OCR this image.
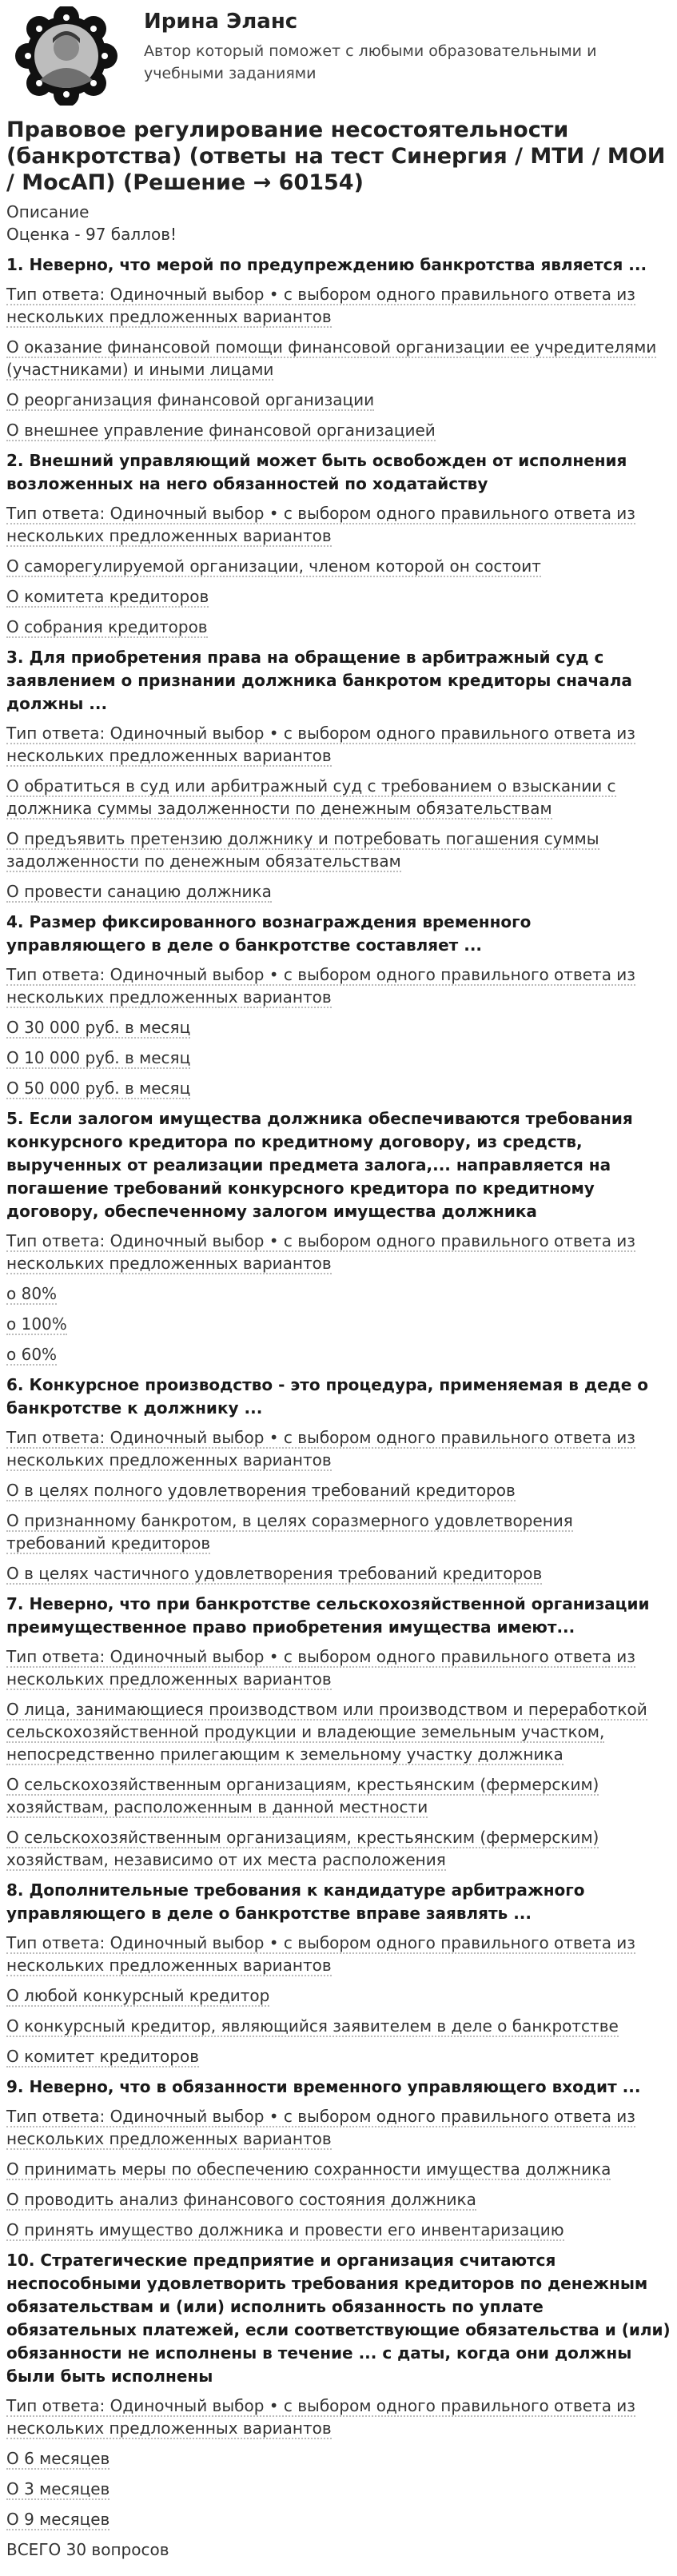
Ирина Эланс
Автор который поможет с любыми образовательными и учебными заданиями
Правовое регулирование несостоятельности (банкротства) (ответы на тест Синергия / МТИ / МОИ / МосАП) (Решение → 60154)
Описание
Оценка - 97 баллов!
1. Неверно, что мерой по предупреждению банкротства является ...
Тип ответа: Одиночный выбор • с выбором одного правильного ответа из нескольких предложенных вариантов
О оказание финансовой помощи финансовой организации ее учредителями (участниками) и иными лицами
О реорганизация финансовой организации
О внешнее управление финансовой организацией
2. Внешний управляющий может быть освобожден от исполнения возложенных на него обязанностей по ходатайству
Тип ответа: Одиночный выбор • с выбором одного правильного ответа из нескольких предложенных вариантов
О саморегулируемой организации, членом которой он состоит
О комитета кредиторов
О собрания кредиторов
3. Для приобретения права на обращение в арбитражный суд с заявлением о признании должника банкротом кредиторы сначала должны ...
Тип ответа: Одиночный выбор • с выбором одного правильного ответа из нескольких предложенных вариантов
О обратиться в суд или арбитражный суд с требованием о взыскании с должника суммы задолженности по денежным обязательствам
О предъявить претензию должнику и потребовать погашения суммы задолженности по денежным обязательствам
О провести санацию должника
4. Размер фиксированного вознаграждения временного управляющего в деле о банкротстве составляет ...
Тип ответа: Одиночный выбор • с выбором одного правильного ответа из нескольких предложенных вариантов
О 30 000 руб. в месяц
О 10 000 руб. в месяц
О 50 000 руб. в месяц
5. Если залогом имущества должника обеспечиваются требования конкурсного кредитора по кредитному договору, из средств, вырученных от реализации предмета залога,... направляется на погашение требований конкурсного кредитора по кредитному договору, обеспеченному залогом имущества должника
Тип ответа: Одиночный выбор • с выбором одного правильного ответа из нескольких предложенных вариантов
о 80%
о 100%
о 60%
6. Конкурсное производство - это процедура, применяемая в деде о банкротстве к должнику ...
Тип ответа: Одиночный выбор • с выбором одного правильного ответа из нескольких предложенных вариантов
О в целях полного удовлетворения требований кредиторов
О признанному банкротом, в целях соразмерного удовлетворения требований кредиторов
О в целях частичного удовлетворения требований кредиторов
7. Неверно, что при банкротстве сельскохозяйственной организации преимущественное право приобретения имущества имеют...
Тип ответа: Одиночный выбор • с выбором одного правильного ответа из нескольких предложенных вариантов
О лица, занимающиеся производством или производством и переработкой сельскохозяйственной продукции и владеющие земельным участком, непосредственно прилегающим к земельному участку должника
О сельскохозяйственным организациям, крестьянским (фермерским) хозяйствам, расположенным в данной местности
О сельскохозяйственным организациям, крестьянским (фермерским) хозяйствам, независимо от их места расположения
8. Дополнительные требования к кандидатуре арбитражного управляющего в деле о банкротстве вправе заявлять ...
Тип ответа: Одиночный выбор • с выбором одного правильного ответа из нескольких предложенных вариантов
О любой конкурсный кредитор
О конкурсный кредитор, являющийся заявителем в деле о банкротстве
О комитет кредиторов
9. Неверно, что в обязанности временного управляющего входит ...
Тип ответа: Одиночный выбор • с выбором одного правильного ответа из нескольких предложенных вариантов
О принимать меры по обеспечению сохранности имущества должника
О проводить анализ финансового состояния должника
О принять имущество должника и провести его инвентаризацию
10. Стратегические предприятие и организация считаются неспособными удовлетворить требования кредиторов по денежным обязательствам и (или) исполнить обязанность по уплате обязательных платежей, если соответствующие обязательства и (или) обязанности не исполнены в течение ... с даты, когда они должны были быть исполнены
Тип ответа: Одиночный выбор • с выбором одного правильного ответа из нескольких предложенных вариантов
О 6 месяцев
О 3 месяцев
О 9 месяцев
ВСЕГО 30 вопросов
